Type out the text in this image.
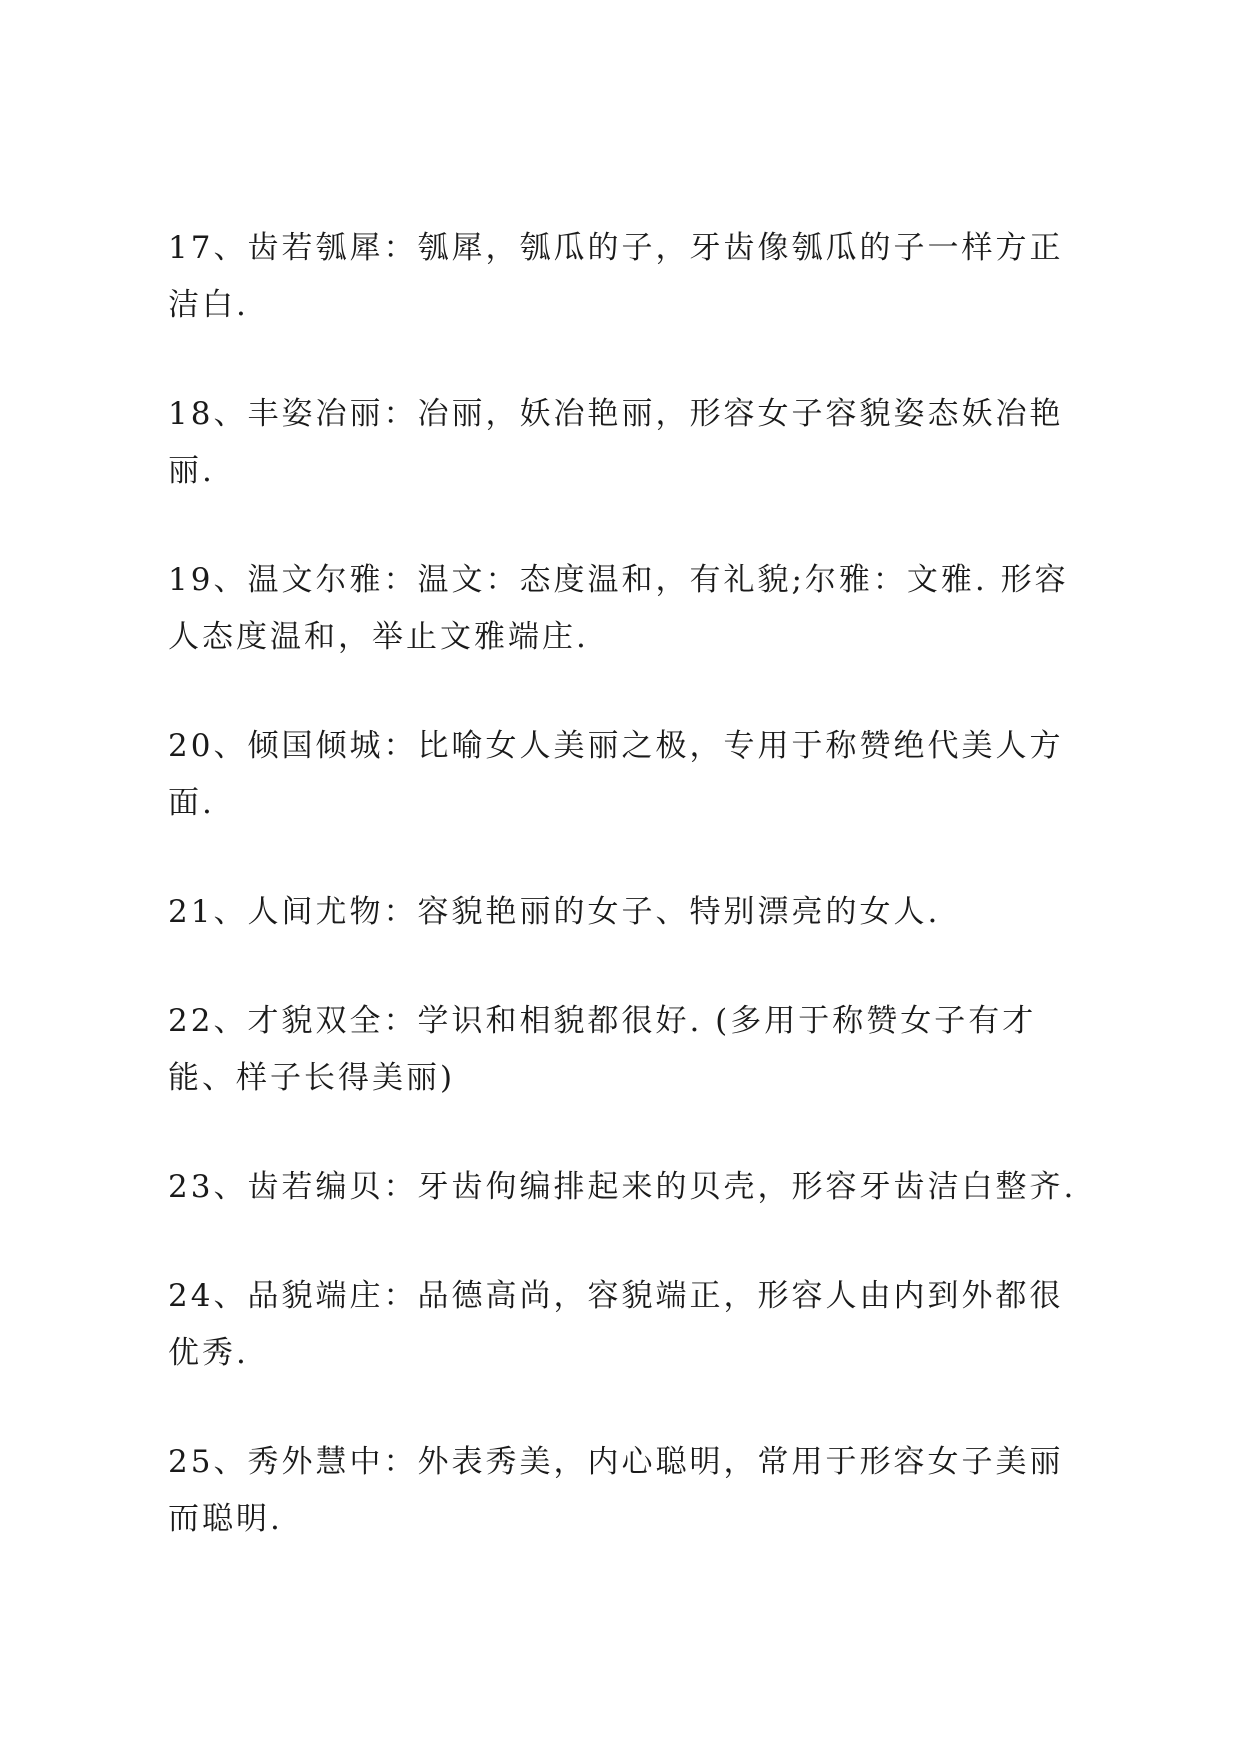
17、齿若瓠犀：瓠犀，瓠瓜的子，牙齿像瓠瓜的子一样方正洁白.

18、丰姿冶丽：冶丽，妖冶艳丽，形容女子容貌姿态妖冶艳丽.

19、温文尔雅：温文：态度温和，有礼貌;尔雅：文雅. 形容人态度温和，举止文雅端庄.

20、倾国倾城：比喻女人美丽之极，专用于称赞绝代美人方面.

21、人间尤物：容貌艳丽的女子、特别漂亮的女人.

22、才貌双全：学识和相貌都很好. (多用于称赞女子有才能、样子长得美丽)

23、齿若编贝：牙齿佝编排起来的贝壳，形容牙齿洁白整齐.

24、品貌端庄：品德高尚，容貌端正，形容人由内到外都很优秀.

25、秀外慧中：外表秀美，内心聪明，常用于形容女子美丽而聪明.
